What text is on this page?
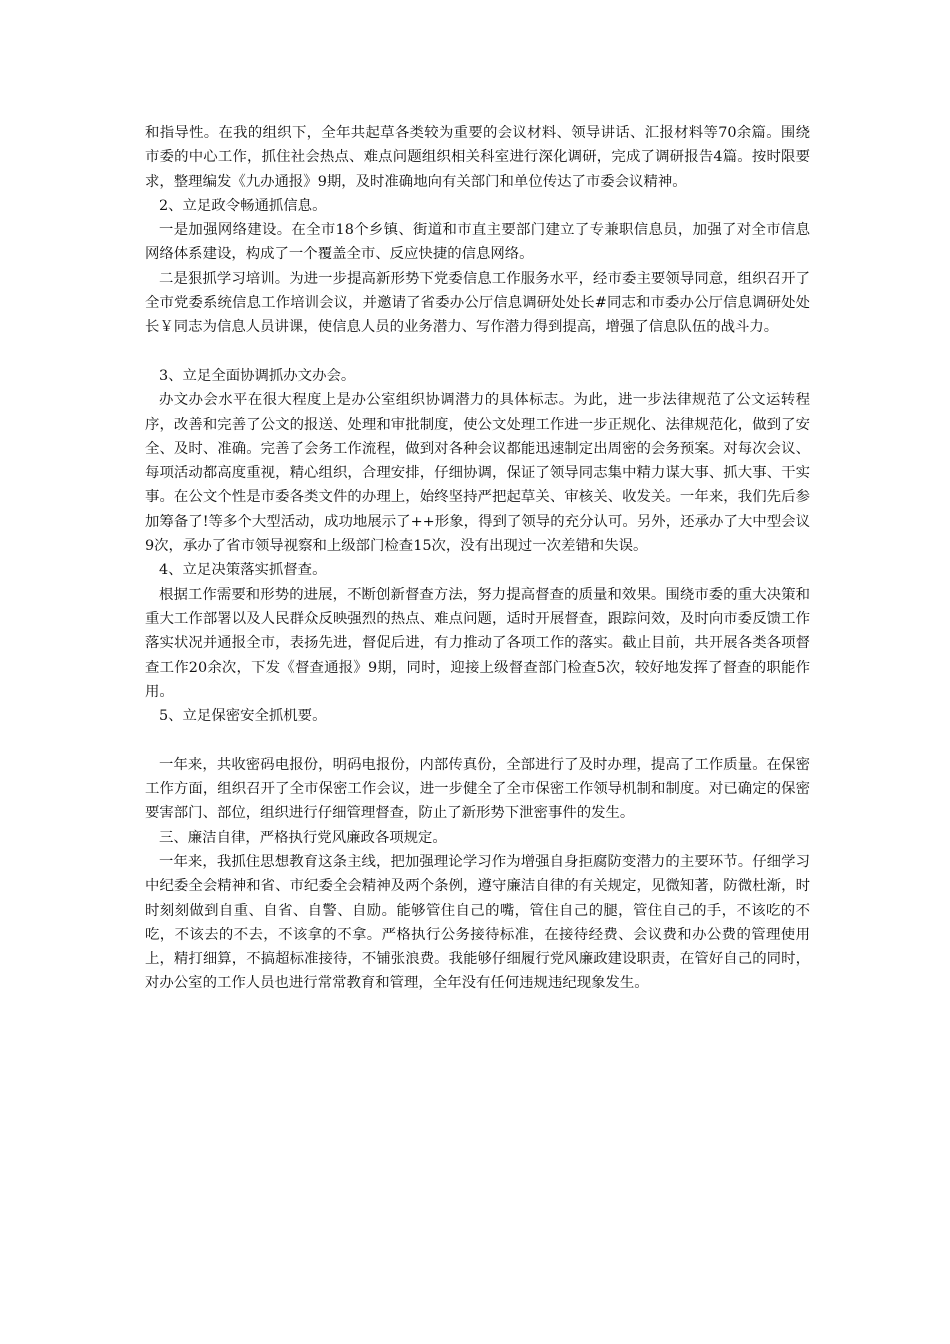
和指导性。在我的组织下，全年共起草各类较为重要的会议材料、领导讲话、汇报材料等70余篇。围绕市委的中心工作，抓住社会热点、难点问题组织相关科室进行深化调研，完成了调研报告4篇。按时限要求，整理编发《九办通报》9期，及时准确地向有关部门和单位传达了市委会议精神。

2、立足政令畅通抓信息。

一是加强网络建设。在全市18个乡镇、街道和市直主要部门建立了专兼职信息员，加强了对全市信息网络体系建设，构成了一个覆盖全市、反应快捷的信息网络。

二是狠抓学习培训。为进一步提高新形势下党委信息工作服务水平，经市委主要领导同意，组织召开了全市党委系统信息工作培训会议，并邀请了省委办公厅信息调研处处长#同志和市委办公厅信息调研处处长￥同志为信息人员讲课，使信息人员的业务潜力、写作潜力得到提高，增强了信息队伍的战斗力。

3、立足全面协调抓办文办会。

办文办会水平在很大程度上是办公室组织协调潜力的具体标志。为此，进一步法律规范了公文运转程序，改善和完善了公文的报送、处理和审批制度，使公文处理工作进一步正规化、法律规范化，做到了安全、及时、准确。完善了会务工作流程，做到对各种会议都能迅速制定出周密的会务预案。对每次会议、每项活动都高度重视，精心组织，合理安排，仔细协调，保证了领导同志集中精力谋大事、抓大事、干实事。在公文个性是市委各类文件的办理上，始终坚持严把起草关、审核关、收发关。一年来，我们先后参加筹备了!等多个大型活动，成功地展示了++形象，得到了领导的充分认可。另外，还承办了大中型会议9次，承办了省市领导视察和上级部门检查15次，没有出现过一次差错和失误。

4、立足决策落实抓督查。

根据工作需要和形势的进展，不断创新督查方法，努力提高督查的质量和效果。围绕市委的重大决策和重大工作部署以及人民群众反映强烈的热点、难点问题，适时开展督查，跟踪问效，及时向市委反馈工作落实状况并通报全市，表扬先进，督促后进，有力推动了各项工作的落实。截止目前，共开展各类各项督查工作20余次，下发《督查通报》9期，同时，迎接上级督查部门检查5次，较好地发挥了督查的职能作用。

5、立足保密安全抓机要。

一年来，共收密码电报份，明码电报份，内部传真份，全部进行了及时办理，提高了工作质量。在保密工作方面，组织召开了全市保密工作会议，进一步健全了全市保密工作领导机制和制度。对已确定的保密要害部门、部位，组织进行仔细管理督查，防止了新形势下泄密事件的发生。

三、廉洁自律，严格执行党风廉政各项规定。

一年来，我抓住思想教育这条主线，把加强理论学习作为增强自身拒腐防变潜力的主要环节。仔细学习中纪委全会精神和省、市纪委全会精神及两个条例，遵守廉洁自律的有关规定，见微知著，防微杜渐，时时刻刻做到自重、自省、自警、自励。能够管住自己的嘴，管住自己的腿，管住自己的手，不该吃的不吃，不该去的不去，不该拿的不拿。严格执行公务接待标准，在接待经费、会议费和办公费的管理使用上，精打细算，不搞超标准接待，不铺张浪费。我能够仔细履行党风廉政建设职责，在管好自己的同时，对办公室的工作人员也进行常常教育和管理，全年没有任何违规违纪现象发生。
